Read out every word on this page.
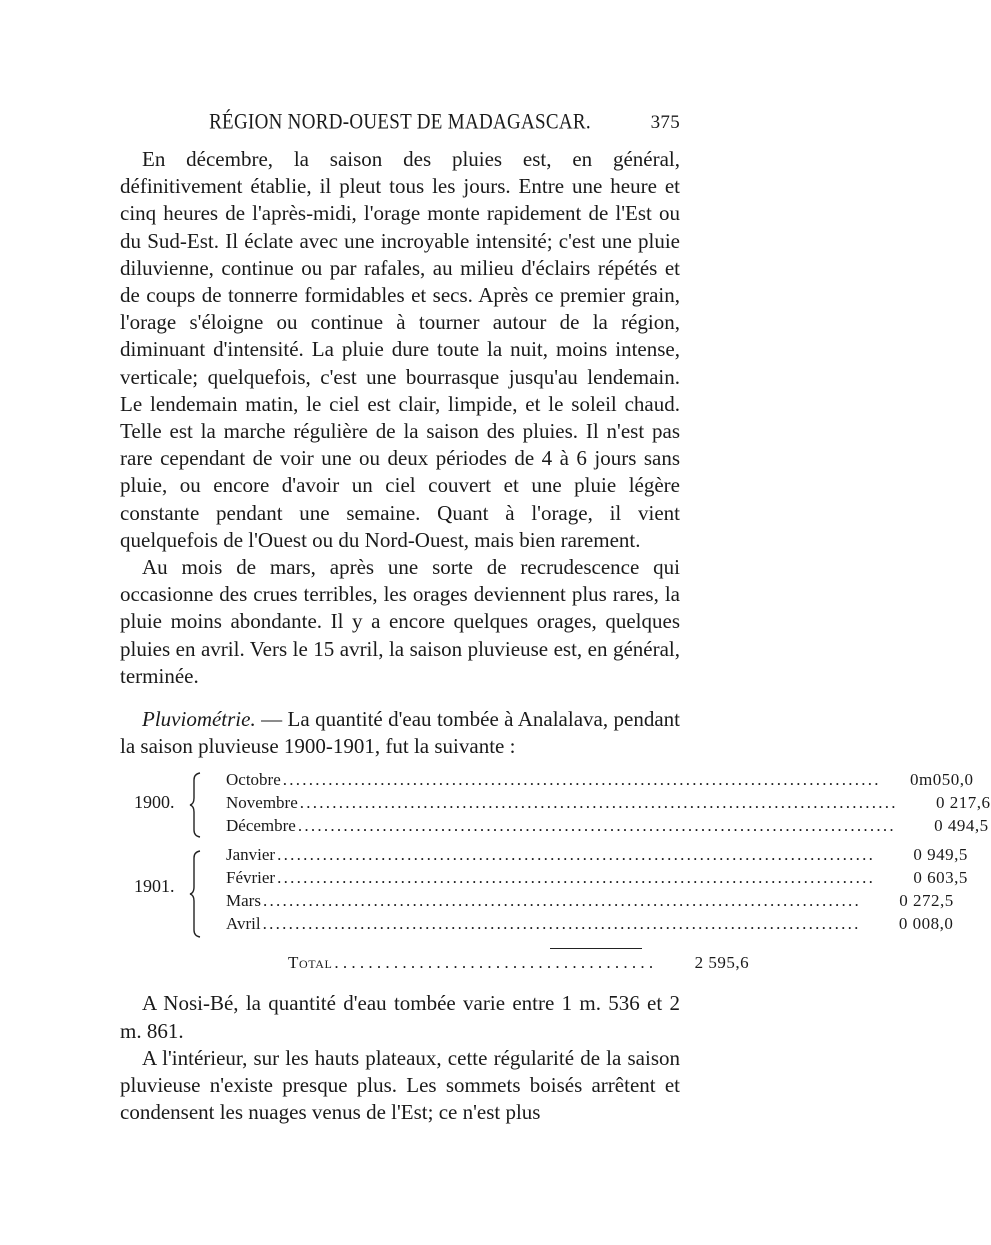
RÉGION NORD-OUEST DE MADAGASCAR.	375

En décembre, la saison des pluies est, en général, définitivement établie, il pleut tous les jours. Entre une heure et cinq heures de l'après-midi, l'orage monte rapidement de l'Est ou du Sud-Est. Il éclate avec une incroyable intensité; c'est une pluie diluvienne, continue ou par rafales, au milieu d'éclairs répétés et de coups de tonnerre formidables et secs. Après ce premier grain, l'orage s'éloigne ou continue à tourner autour de la région, diminuant d'intensité. La pluie dure toute la nuit, moins intense, verticale; quelquefois, c'est une bourrasque jusqu'au lendemain. Le lendemain matin, le ciel est clair, limpide, et le soleil chaud. Telle est la marche régulière de la saison des pluies. Il n'est pas rare cependant de voir une ou deux périodes de 4 à 6 jours sans pluie, ou encore d'avoir un ciel couvert et une pluie légère constante pendant une semaine. Quant à l'orage, il vient quelquefois de l'Ouest ou du Nord-Ouest, mais bien rarement.

Au mois de mars, après une sorte de recrudescence qui occasionne des crues terribles, les orages deviennent plus rares, la pluie moins abondante. Il y a encore quelques orages, quelques pluies en avril. Vers le 15 avril, la saison pluvieuse est, en général, terminée.

Pluviométrie. — La quantité d'eau tombée à Analalava, pendant la saison pluvieuse 1900-1901, fut la suivante :

1900.
1901.
Octobre . . .	0m050,0
Novembre . . .	0 217,6
Décembre . . .	0 494,5
Janvier . . .	0 949,5
Février . . .	0 603,5
Mars . . .	0 272,5
Avril . . .	0 008,0
Total . . . . . . . . . . . . . . . . . . . . . . . . . . . . . . . . . . . . . .	2 595,6

A Nosi-Bé, la quantité d'eau tombée varie entre 1 m. 536 et 2 m. 861.

A l'intérieur, sur les hauts plateaux, cette régularité de la saison pluvieuse n'existe presque plus. Les sommets boisés arrêtent et condensent les nuages venus de l'Est; ce n'est plus
